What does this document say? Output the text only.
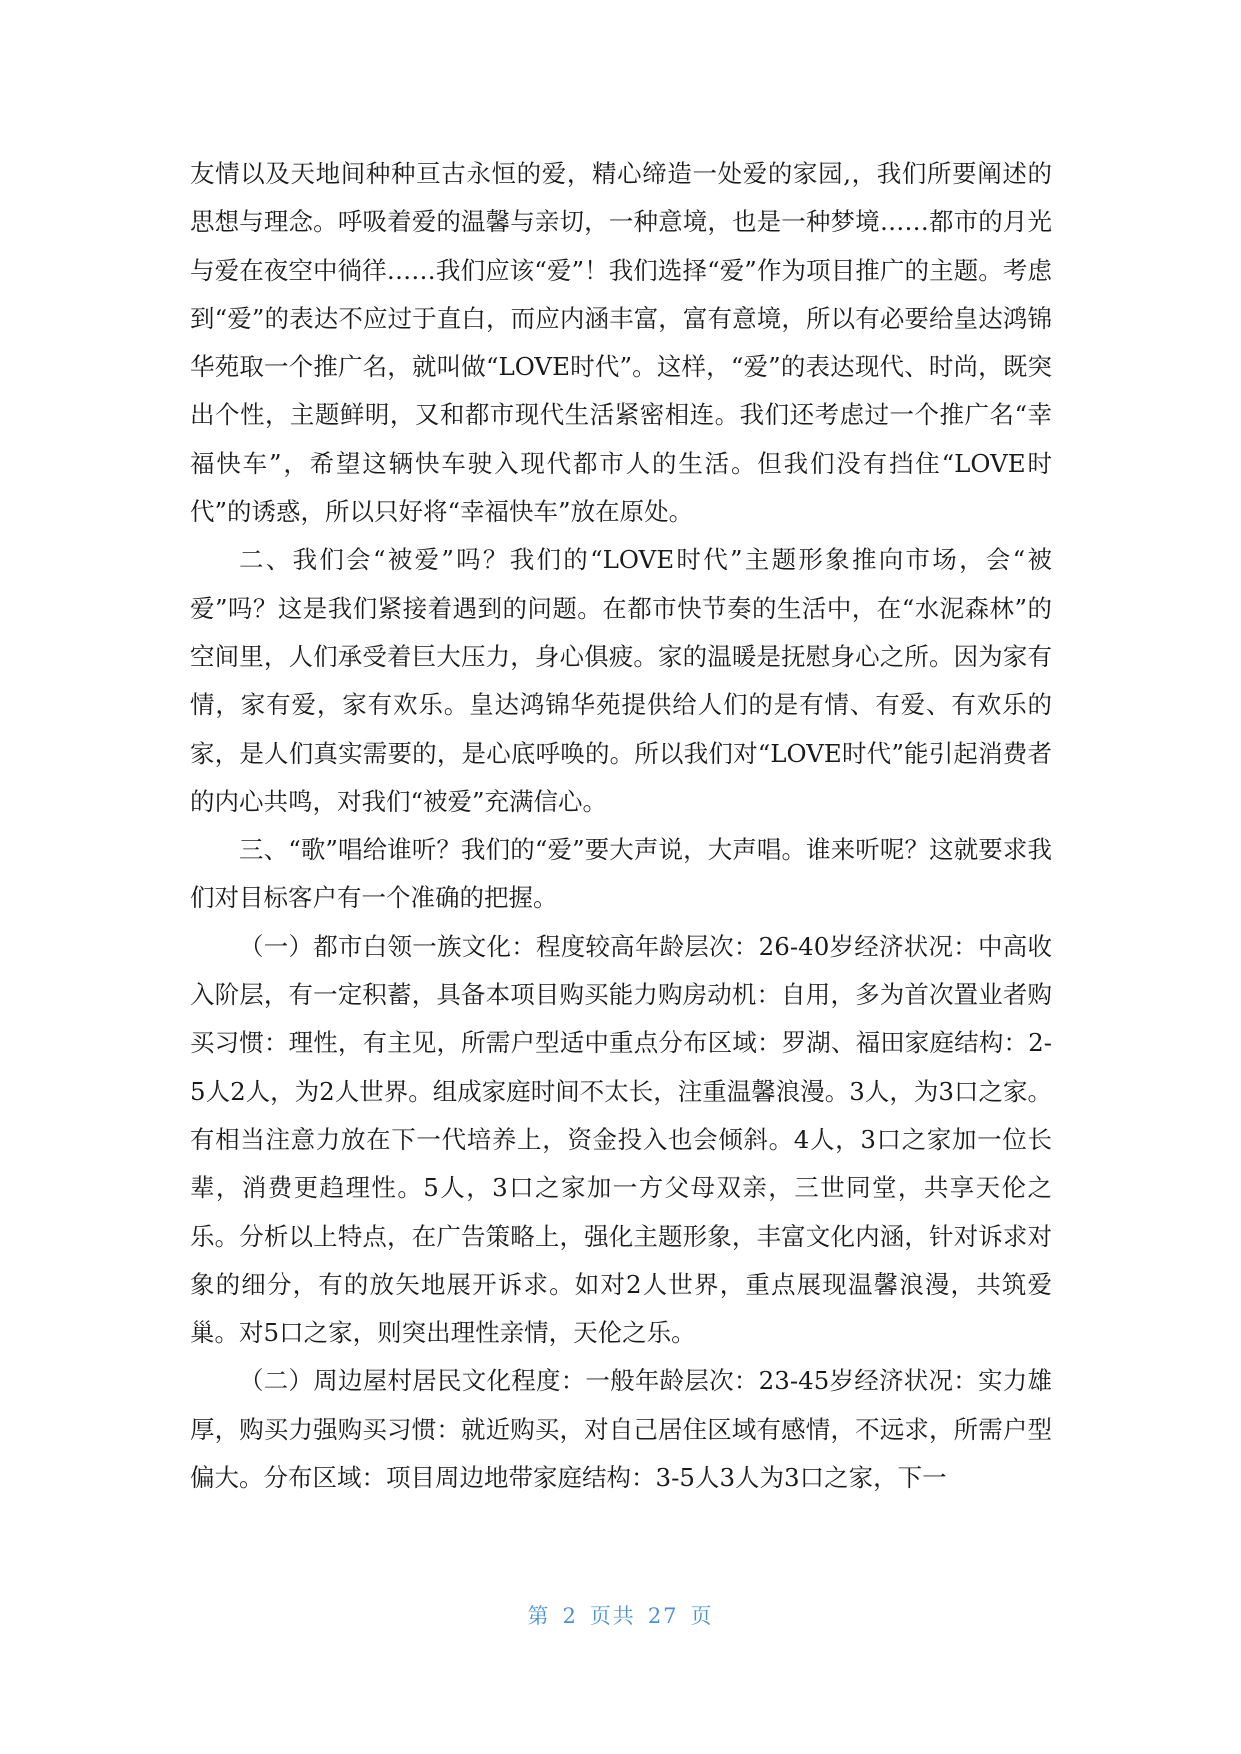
友情以及天地间种种亘古永恒的爱，精心缔造一处爱的家园,，我们所要阐述的思想与理念。呼吸着爱的温馨与亲切，一种意境，也是一种梦境……都市的月光与爱在夜空中徜徉……我们应该“爱”！我们选择“爱”作为项目推广的主题。考虑到“爱”的表达不应过于直白，而应内涵丰富，富有意境，所以有必要给皇达鸿锦华苑取一个推广名，就叫做“LOVE时代”。这样，“爱”的表达现代、时尚，既突出个性，主题鲜明，又和都市现代生活紧密相连。我们还考虑过一个推广名“幸福快车”，希望这辆快车驶入现代都市人的生活。但我们没有挡住“LOVE时代”的诱惑，所以只好将“幸福快车”放在原处。

二、我们会“被爱”吗？我们的“LOVE时代”主题形象推向市场，会“被爱”吗？这是我们紧接着遇到的问题。在都市快节奏的生活中，在“水泥森林”的空间里，人们承受着巨大压力，身心俱疲。家的温暖是抚慰身心之所。因为家有情，家有爱，家有欢乐。皇达鸿锦华苑提供给人们的是有情、有爱、有欢乐的家，是人们真实需要的，是心底呼唤的。所以我们对“LOVE时代”能引起消费者的内心共鸣，对我们“被爱”充满信心。

三、“歌”唱给谁听？我们的“爱”要大声说，大声唱。谁来听呢？这就要求我们对目标客户有一个准确的把握。

（一）都市白领一族文化：程度较高年龄层次：26-40岁经济状况：中高收入阶层，有一定积蓄，具备本项目购买能力购房动机：自用，多为首次置业者购买习惯：理性，有主见，所需户型适中重点分布区域：罗湖、福田家庭结构：2-5人2人，为2人世界。组成家庭时间不太长，注重温馨浪漫。3人，为3口之家。有相当注意力放在下一代培养上，资金投入也会倾斜。4人，3口之家加一位长辈，消费更趋理性。5人，3口之家加一方父母双亲，三世同堂，共享天伦之乐。分析以上特点，在广告策略上，强化主题形象，丰富文化内涵，针对诉求对象的细分，有的放矢地展开诉求。如对2人世界，重点展现温馨浪漫，共筑爱巢。对5口之家，则突出理性亲情，天伦之乐。

（二）周边屋村居民文化程度：一般年龄层次：23-45岁经济状况：实力雄厚，购买力强购买习惯：就近购买，对自己居住区域有感情，不远求，所需户型偏大。分布区域：项目周边地带家庭结构：3-5人3人为3口之家，下一

第 2 页共 27 页
